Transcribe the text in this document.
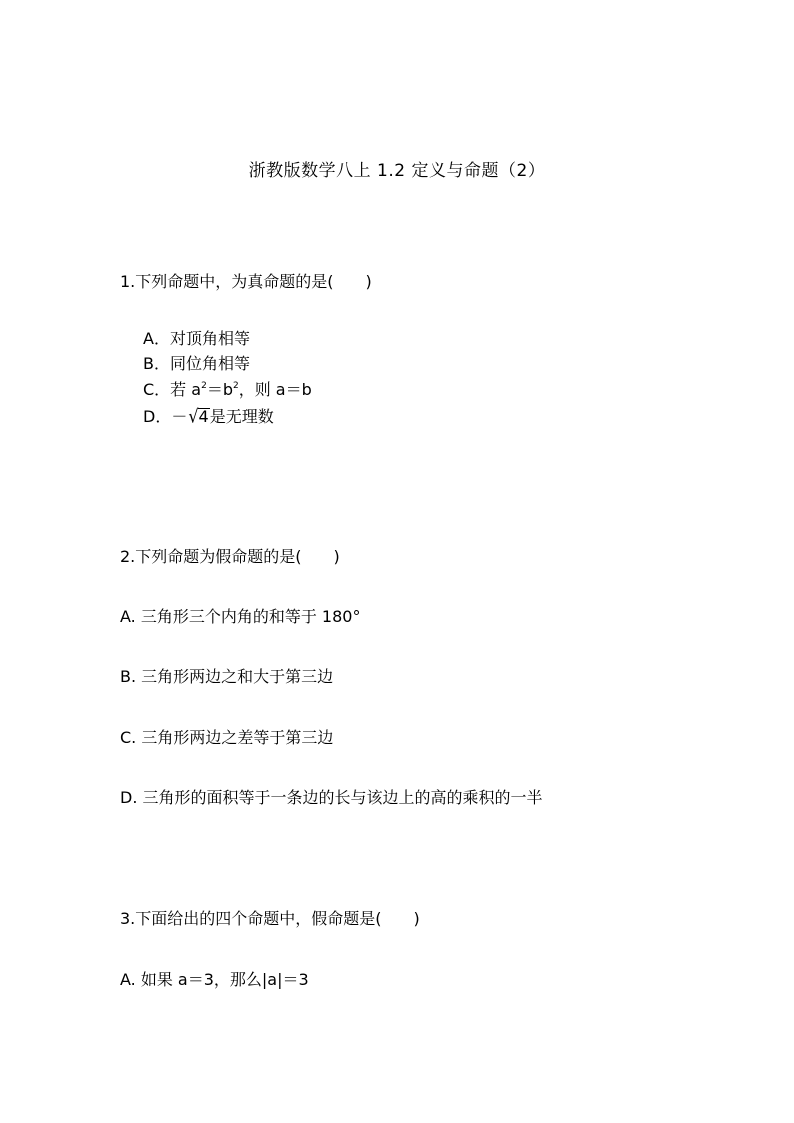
浙教版数学八上 1.2 定义与命题（2）
1.下列命题中，为真命题的是(　　)
A．对顶角相等
B．同位角相等
C．若 $a^2=b^2$，则 a＝b
D．－√4是无理数
2.下列命题为假命题的是(　　)
A. 三角形三个内角的和等于 180°
B. 三角形两边之和大于第三边
C. 三角形两边之差等于第三边
D. 三角形的面积等于一条边的长与该边上的高的乘积的一半
3.下面给出的四个命题中，假命题是(　　)
A. 如果 a＝3，那么|a|＝3
